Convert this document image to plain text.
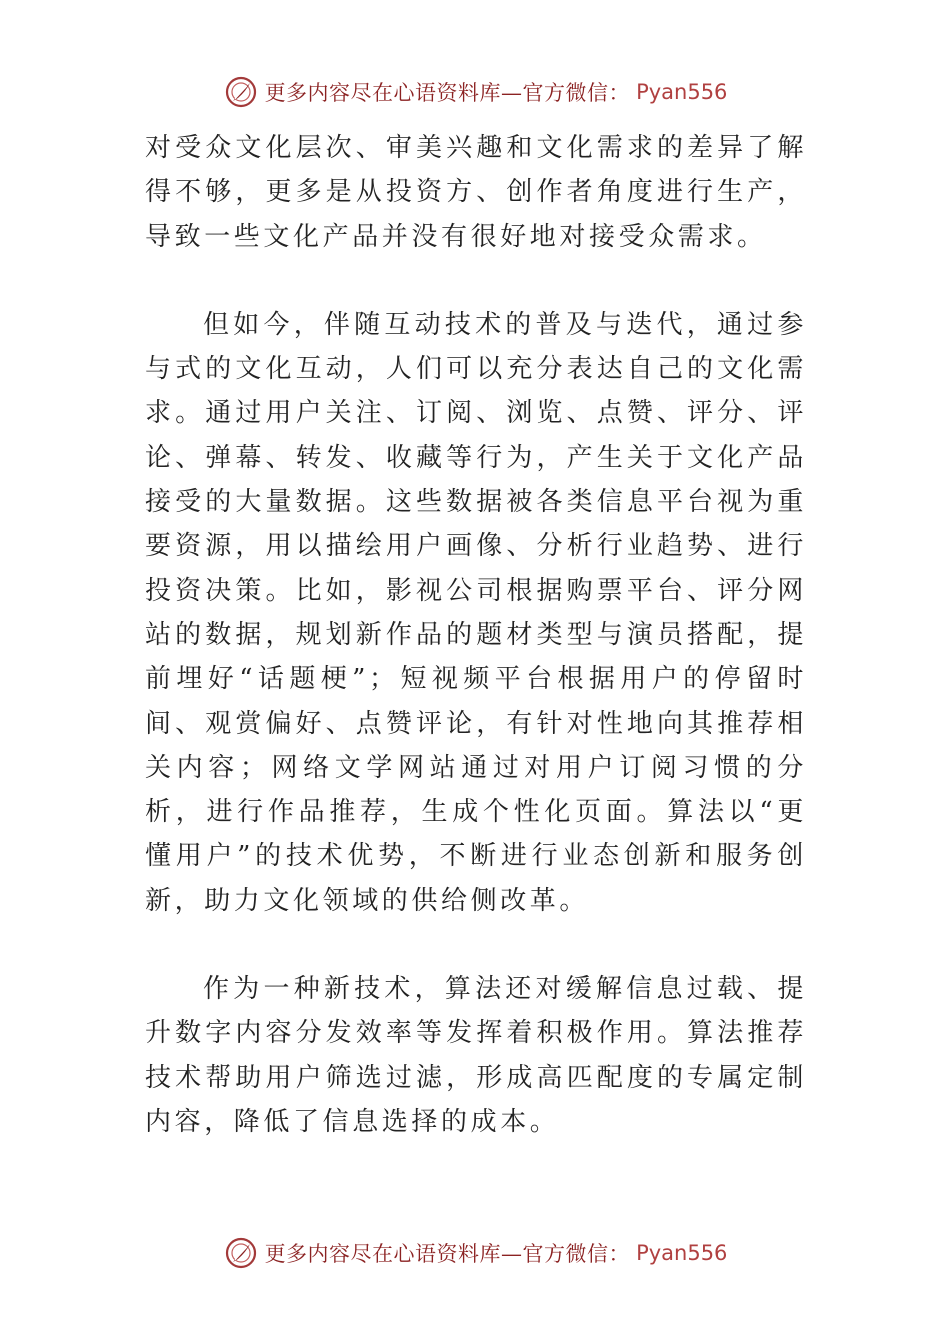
更多内容尽在心语资料库—官方微信： Pyan556

对受众文化层次、审美兴趣和文化需求的差异了解得不够，更多是从投资方、创作者角度进行生产，导致一些文化产品并没有很好地对接受众需求。

但如今，伴随互动技术的普及与迭代，通过参与式的文化互动，人们可以充分表达自己的文化需求。通过用户关注、订阅、浏览、点赞、评分、评论、弹幕、转发、收藏等行为，产生关于文化产品接受的大量数据。这些数据被各类信息平台视为重要资源，用以描绘用户画像、分析行业趋势、进行投资决策。比如，影视公司根据购票平台、评分网站的数据，规划新作品的题材类型与演员搭配，提前埋好“话题梗”；短视频平台根据用户的停留时间、观赏偏好、点赞评论，有针对性地向其推荐相关内容；网络文学网站通过对用户订阅习惯的分析，进行作品推荐，生成个性化页面。算法以“更懂用户”的技术优势，不断进行业态创新和服务创新，助力文化领域的供给侧改革。

作为一种新技术，算法还对缓解信息过载、提升数字内容分发效率等发挥着积极作用。算法推荐技术帮助用户筛选过滤，形成高匹配度的专属定制内容，降低了信息选择的成本。

更多内容尽在心语资料库—官方微信： Pyan556
